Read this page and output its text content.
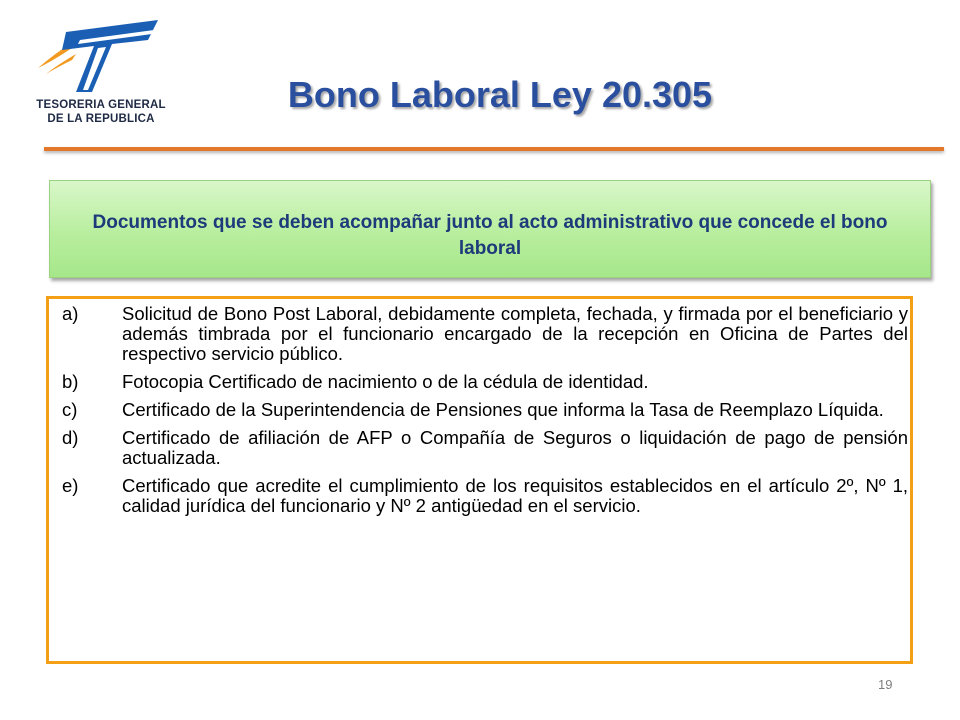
TESORERIA GENERAL
DE LA REPUBLICA
Bono Laboral Ley 20.305
Documentos que se deben acompañar junto al acto administrativo que concede el bono laboral
a)	Solicitud de Bono Post Laboral, debidamente completa, fechada, y firmada por el beneficiario y además timbrada por el funcionario encargado de la recepción en Oficina de Partes del respectivo servicio público.
b)	Fotocopia Certificado de nacimiento o de la cédula de identidad.
c)	Certificado de la Superintendencia de Pensiones que informa la Tasa de Reemplazo Líquida.
d)	Certificado de afiliación de AFP o Compañía de Seguros o liquidación de pago de pensión actualizada.
e)	Certificado que acredite el cumplimiento de los requisitos establecidos en el artículo 2º, Nº 1, calidad jurídica del funcionario y Nº 2 antigüedad en el servicio.
19
